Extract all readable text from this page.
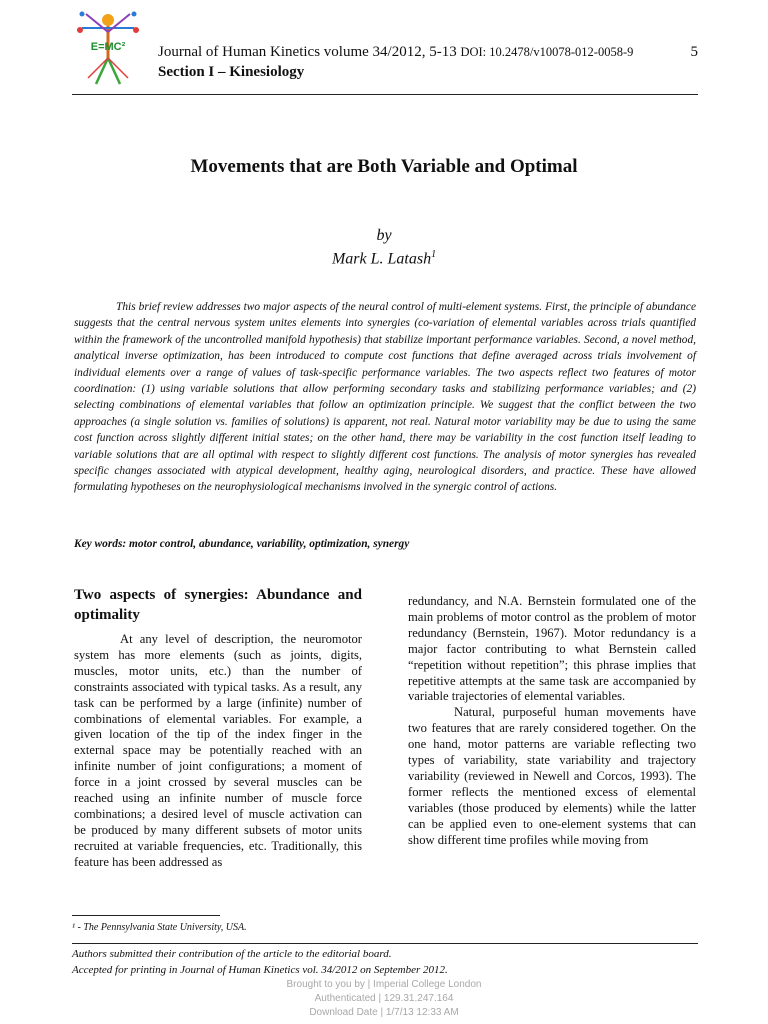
E=MC² Journal of Human Kinetics volume 34/2012, 5-13 DOI: 10.2478/v10078-012-0058-9	5
Section I – Kinesiology
Movements that are Both Variable and Optimal
by
Mark L. Latash$^1$

This brief review addresses two major aspects of the neural control of multi-element systems. First, the principle of abundance suggests that the central nervous system unites elements into synergies (co-variation of elemental variables across trials quantified within the framework of the uncontrolled manifold hypothesis) that stabilize important performance variables. Second, a novel method, analytical inverse optimization, has been introduced to compute cost functions that define averaged across trials involvement of individual elements over a range of values of task-specific performance variables. The two aspects reflect two features of motor coordination: (1) using variable solutions that allow performing secondary tasks and stabilizing performance variables; and (2) selecting combinations of elemental variables that follow an optimization principle. We suggest that the conflict between the two approaches (a single solution vs. families of solutions) is apparent, not real. Natural motor variability may be due to using the same cost function across slightly different initial states; on the other hand, there may be variability in the cost function itself leading to variable solutions that are all optimal with respect to slightly different cost functions. The analysis of motor synergies has revealed specific changes associated with atypical development, healthy aging, neurological disorders, and practice. These have allowed formulating hypotheses on the neurophysiological mechanisms involved in the synergic control of actions.

Key words: motor control, abundance, variability, optimization, synergy
Two aspects of synergies: Abundance and optimality

At any level of description, the neuromotor system has more elements (such as joints, digits, muscles, motor units, etc.) than the number of constraints associated with typical tasks. As a result, any task can be performed by a large (infinite) number of combinations of elemental variables. For example, a given location of the tip of the index finger in the external space may be potentially reached with an infinite number of joint configurations; a moment of force in a joint crossed by several muscles can be reached using an infinite number of muscle force combinations; a desired level of muscle activation can be produced by many different subsets of motor units recruited at variable frequencies, etc. Traditionally, this feature has been addressed as

redundancy, and N.A. Bernstein formulated one of the main problems of motor control as the problem of motor redundancy (Bernstein, 1967). Motor redundancy is a major factor contributing to what Bernstein called “repetition without repetition”; this phrase implies that repetitive attempts at the same task are accompanied by variable trajectories of elemental variables.

Natural, purposeful human movements have two features that are rarely considered together. On the one hand, motor patterns are variable reflecting two types of variability, state variability and trajectory variability (reviewed in Newell and Corcos, 1993). The former reflects the mentioned excess of elemental variables (those produced by elements) while the latter can be applied even to one-element systems that can show different time profiles while moving from

¹ - The Pennsylvania State University, USA.
Authors submitted their contribution of the article to the editorial board.
Accepted for printing in Journal of Human Kinetics vol. 34/2012 on September 2012.
Brought to you by | Imperial College London
Authenticated | 129.31.247.164
Download Date | 1/7/13 12:33 AM
